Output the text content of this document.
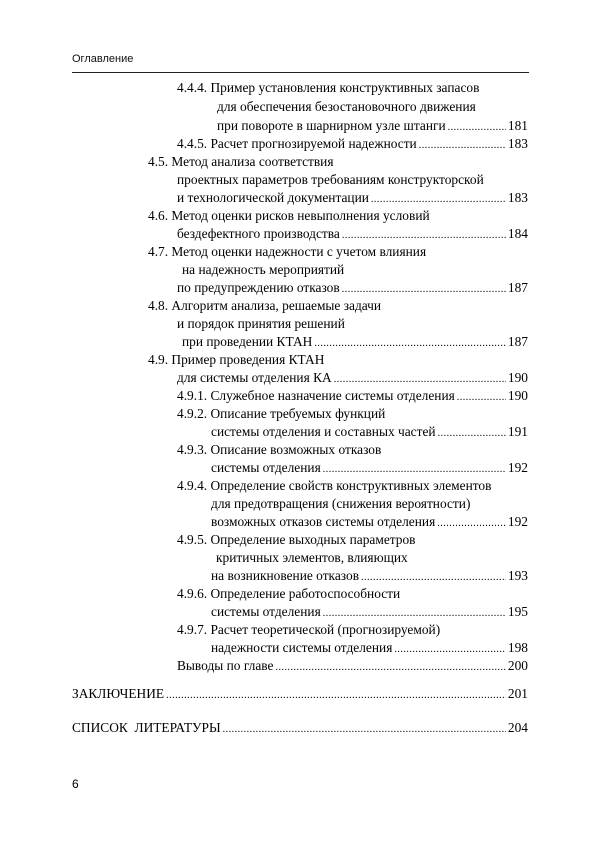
Оглавление
4.4.4. Пример установления конструктивных запасов
для обеспечения безостановочного движения
при повороте в шарнирном узле штанги .....	181
4.4.5. Расчет прогнозируемой надежности .....	183
4.5. Метод анализа соответствия
проектных параметров требованиям конструкторской
и технологической документации .....	183
4.6. Метод оценки рисков невыполнения условий
бездефектного производства .....	184
4.7. Метод оценки надежности с учетом влияния
на надежность мероприятий
по предупреждению отказов .....	187
4.8. Алгоритм анализа, решаемые задачи
и порядок принятия решений
при проведении КТАН .....	187
4.9. Пример проведения КТАН
для системы отделения КА .....	190
4.9.1. Служебное назначение системы отделения .....	190
4.9.2. Описание требуемых функций
системы отделения и составных частей .....	191
4.9.3. Описание возможных отказов
системы отделения .....	192
4.9.4. Определение свойств конструктивных элементов
для предотвращения (снижения вероятности)
возможных отказов системы отделения .....	192
4.9.5. Определение выходных параметров
критичных элементов, влияющих
на возникновение отказов .....	193
4.9.6. Определение работоспособности
системы отделения .....	195
4.9.7. Расчет теоретической (прогнозируемой)
надежности системы отделения .....	198
Выводы по главе .....	200
ЗАКЛЮЧЕНИЕ .....	201
СПИСОК  ЛИТЕРАТУРЫ .....	204
6
